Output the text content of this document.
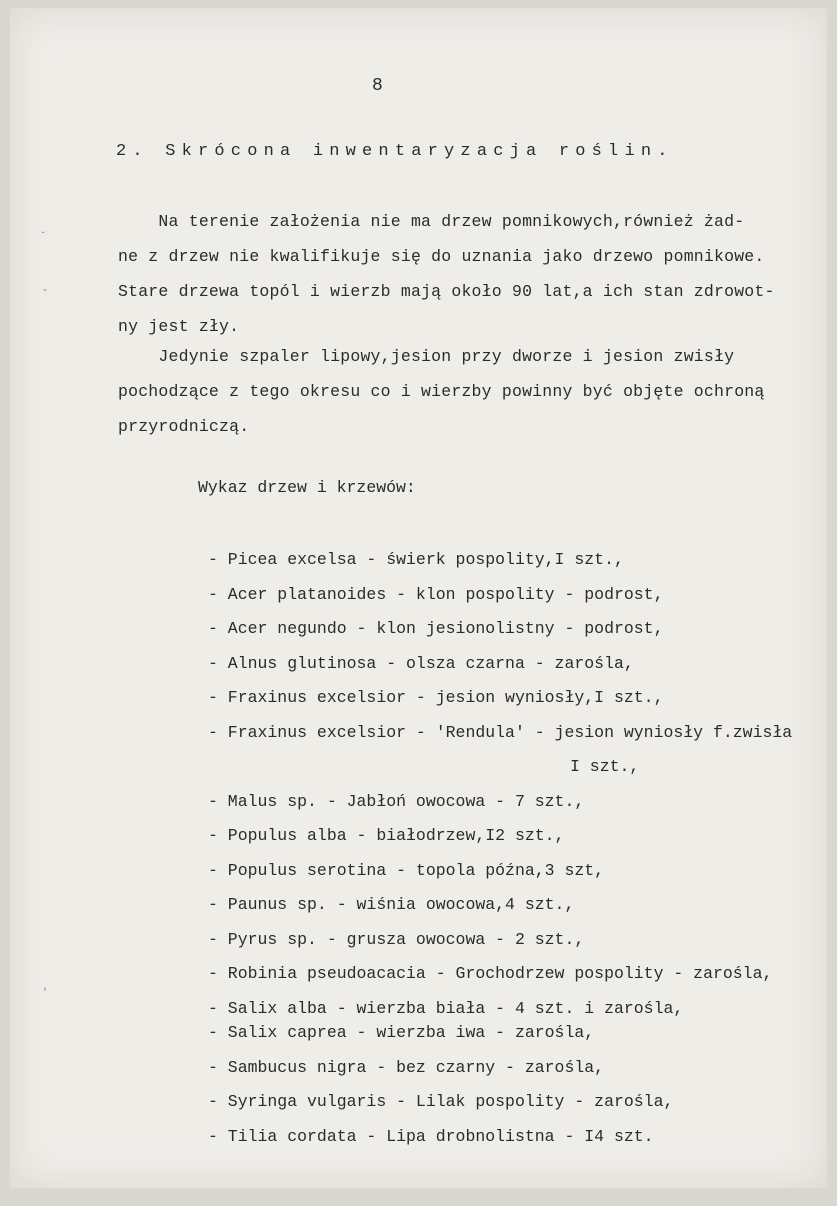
8
2. Skrócona inwentaryzacja roślin.
Na terenie założenia nie ma drzew pomnikowych,również żad-
ne z drzew nie kwalifikuje się do uznania jako drzewo pomnikowe.
Stare drzewa topól i wierzb mają około 90 lat,a ich stan zdrowot-
ny jest zły.
Jedynie szpaler lipowy,jesion przy dworze i jesion zwisły
pochodzące z tego okresu co i wierzby powinny być objęte ochroną
przyrodniczą.
Wykaz drzew i krzewów:
- Picea excelsa - świerk pospolity,I szt.,
- Acer platanoides - klon pospolity - podrost,
- Acer negundo - klon jesionolistny - podrost,
- Alnus glutinosa - olsza czarna - zarośla,
- Fraxinus excelsior - jesion wyniosły,I szt.,
- Fraxinus excelsior - 'Rendula' - jesion wyniosły f.zwisła
I szt.,
- Malus sp. - Jabłoń owocowa - 7 szt.,
- Populus alba - białodrzew,I2 szt.,
- Populus serotina - topola późna,3 szt,
- Paunus sp. - wiśnia owocowa,4 szt.,
- Pyrus sp. - grusza owocowa - 2 szt.,
- Robinia pseudoacacia - Grochodrzew pospolity - zarośla,
- Salix alba - wierzba biała - 4 szt. i zarośla,
- Salix caprea - wierzba iwa - zarośla,
- Sambucus nigra - bez czarny - zarośla,
- Syringa vulgaris - Lilak pospolity - zarośla,
- Tilia cordata - Lipa drobnolistna - I4 szt.
ˇ
-
'
